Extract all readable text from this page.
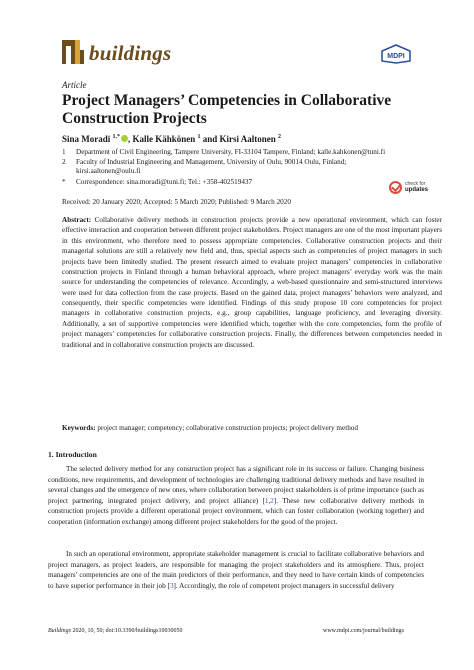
buildings	MDPI
Article
Project Managers’ Competencies in Collaborative Construction Projects
Sina Moradi $^{1,*}$ , Kalle Kähkönen $^1$ and Kirsi Aaltonen $^2$
1 Department of Civil Engineering, Tampere University, FI-33104 Tampere, Finland; kalle.kahkonen@tuni.fi
2 Faculty of Industrial Engineering and Management, University of Oulu, 90014 Oulu, Finland; kirsi.aaltonen@oulu.fi
* Correspondence: sina.moradi@tuni.fi; Tel.: +358-402519437	check for
updates
Received: 20 January 2020; Accepted: 5 March 2020; Published: 9 March 2020
Abstract: Collaborative delivery methods in construction projects provide a new operational environment, which can foster effective interaction and cooperation between different project stakeholders. Project managers are one of the most important players in this environment, who therefore need to possess appropriate competencies. Collaborative construction projects and their managerial solutions are still a relatively new field and, thus, special aspects such as competencies of project managers in such projects have been limitedly studied. The present research aimed to evaluate project managers’ competencies in collaborative construction projects in Finland through a human behavioral approach, where project managers’ everyday work was the main source for understanding the competencies of relevance. Accordingly, a web-based questionnaire and semi-structured interviews were used for data collection from the case projects. Based on the gained data, project managers’ behaviors were analyzed, and consequently, their specific competencies were identified. Findings of this study propose 10 core competencies for project managers in collaborative construction projects, e.g., group capabilities, language proficiency, and leveraging diversity. Additionally, a set of supportive competencies were identified which, together with the core competencies, form the profile of project managers’ competencies for collaborative construction projects. Finally, the differences between competencies needed in traditional and in collaborative construction projects are discussed.
Keywords: project manager; competency; collaborative construction projects; project delivery method
1. Introduction
The selected delivery method for any construction project has a significant role in its success or failure. Changing business conditions, new requirements, and development of technologies are challenging traditional delivery methods and have resulted in several changes and the emergence of new ones, where collaboration between project stakeholders is of prime importance (such as project partnering, integrated project delivery, and project alliance) [1,2]. These new collaborative delivery methods in construction projects provide a different operational project environment, which can foster collaboration (working together) and cooperation (information exchange) among different project stakeholders for the good of the project.
In such an operational environment, appropriate stakeholder management is crucial to facilitate collaborative behaviors and project managers, as project leaders, are responsible for managing the project stakeholders and its atmosphere. Thus, project managers’ competencies are one of the main predictors of their performance, and they need to have certain kinds of competencies to have superior performance in their job [3]. Accordingly, the role of competent project managers in successful delivery
Buildings 2020, 10, 50; doi:10.3390/buildings10030050	www.mdpi.com/journal/buildings
